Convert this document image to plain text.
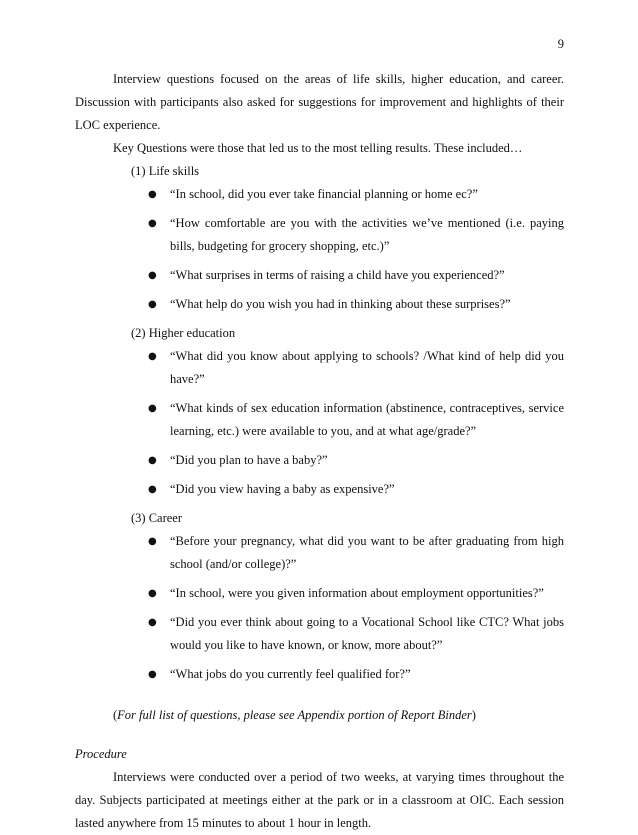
9

Interview questions focused on the areas of life skills, higher education, and career. Discussion with participants also asked for suggestions for improvement and highlights of their LOC experience.

Key Questions were those that led us to the most telling results. These included…

(1) Life skills

● “In school, did you ever take financial planning or home ec?”
● “How comfortable are you with the activities we’ve mentioned (i.e. paying bills, budgeting for grocery shopping, etc.)”
● “What surprises in terms of raising a child have you experienced?”
● “What help do you wish you had in thinking about these surprises?”

(2) Higher education

● “What did you know about applying to schools? /What kind of help did you have?”
● “What kinds of sex education information (abstinence, contraceptives, service learning, etc.) were available to you, and at what age/grade?”
● “Did you plan to have a baby?”
● “Did you view having a baby as expensive?”

(3) Career

● “Before your pregnancy, what did you want to be after graduating from high school (and/or college)?”
● “In school, were you given information about employment opportunities?”
● “Did you ever think about going to a Vocational School like CTC? What jobs would you like to have known, or know, more about?”
● “What jobs do you currently feel qualified for?”

(For full list of questions, please see Appendix portion of Report Binder)

Procedure

Interviews were conducted over a period of two weeks, at varying times throughout the day. Subjects participated at meetings either at the park or in a classroom at OIC. Each session lasted anywhere from 15 minutes to about 1 hour in length.
